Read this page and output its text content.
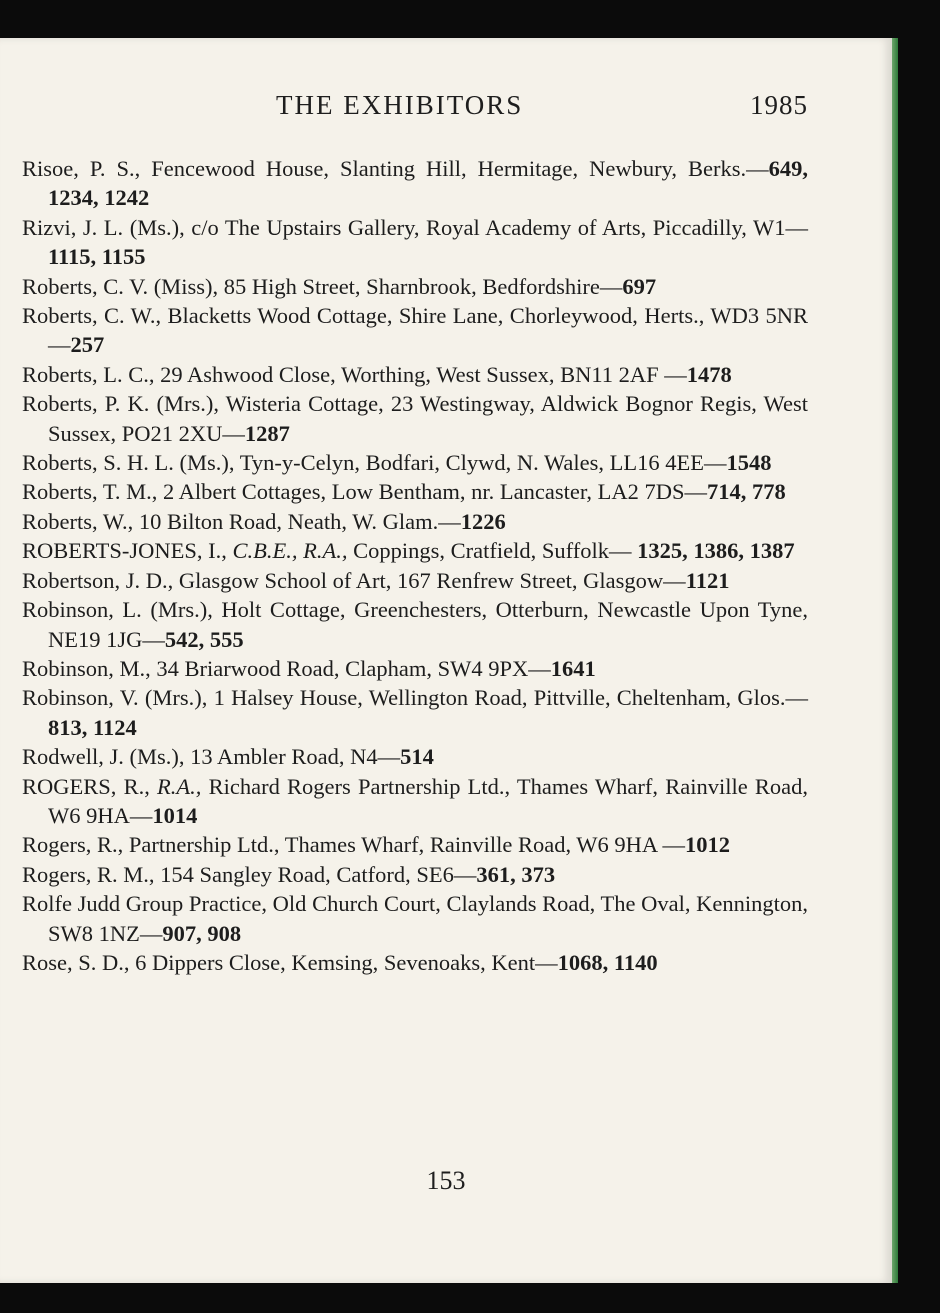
THE EXHIBITORS	1985
Risoe, P. S., Fencewood House, Slanting Hill, Hermitage, Newbury, Berks.—649, 1234, 1242
Rizvi, J. L. (Ms.), c/o The Upstairs Gallery, Royal Academy of Arts, Piccadilly, W1—1115, 1155
Roberts, C. V. (Miss), 85 High Street, Sharnbrook, Bedfordshire—697
Roberts, C. W., Blacketts Wood Cottage, Shire Lane, Chorleywood, Herts., WD3 5NR—257
Roberts, L. C., 29 Ashwood Close, Worthing, West Sussex, BN11 2AF —1478
Roberts, P. K. (Mrs.), Wisteria Cottage, 23 Westingway, Aldwick Bognor Regis, West Sussex, PO21 2XU—1287
Roberts, S. H. L. (Ms.), Tyn-y-Celyn, Bodfari, Clywd, N. Wales, LL16 4EE—1548
Roberts, T. M., 2 Albert Cottages, Low Bentham, nr. Lancaster, LA2 7DS—714, 778
Roberts, W., 10 Bilton Road, Neath, W. Glam.—1226
ROBERTS-JONES, I., C.B.E., R.A., Coppings, Cratfield, Suffolk— 1325, 1386, 1387
Robertson, J. D., Glasgow School of Art, 167 Renfrew Street, Glasgow—1121
Robinson, L. (Mrs.), Holt Cottage, Greenchesters, Otterburn, Newcastle Upon Tyne, NE19 1JG—542, 555
Robinson, M., 34 Briarwood Road, Clapham, SW4 9PX—1641
Robinson, V. (Mrs.), 1 Halsey House, Wellington Road, Pittville, Cheltenham, Glos.—813, 1124
Rodwell, J. (Ms.), 13 Ambler Road, N4—514
ROGERS, R., R.A., Richard Rogers Partnership Ltd., Thames Wharf, Rainville Road, W6 9HA—1014
Rogers, R., Partnership Ltd., Thames Wharf, Rainville Road, W6 9HA —1012
Rogers, R. M., 154 Sangley Road, Catford, SE6—361, 373
Rolfe Judd Group Practice, Old Church Court, Claylands Road, The Oval, Kennington, SW8 1NZ—907, 908
Rose, S. D., 6 Dippers Close, Kemsing, Sevenoaks, Kent—1068, 1140
153
